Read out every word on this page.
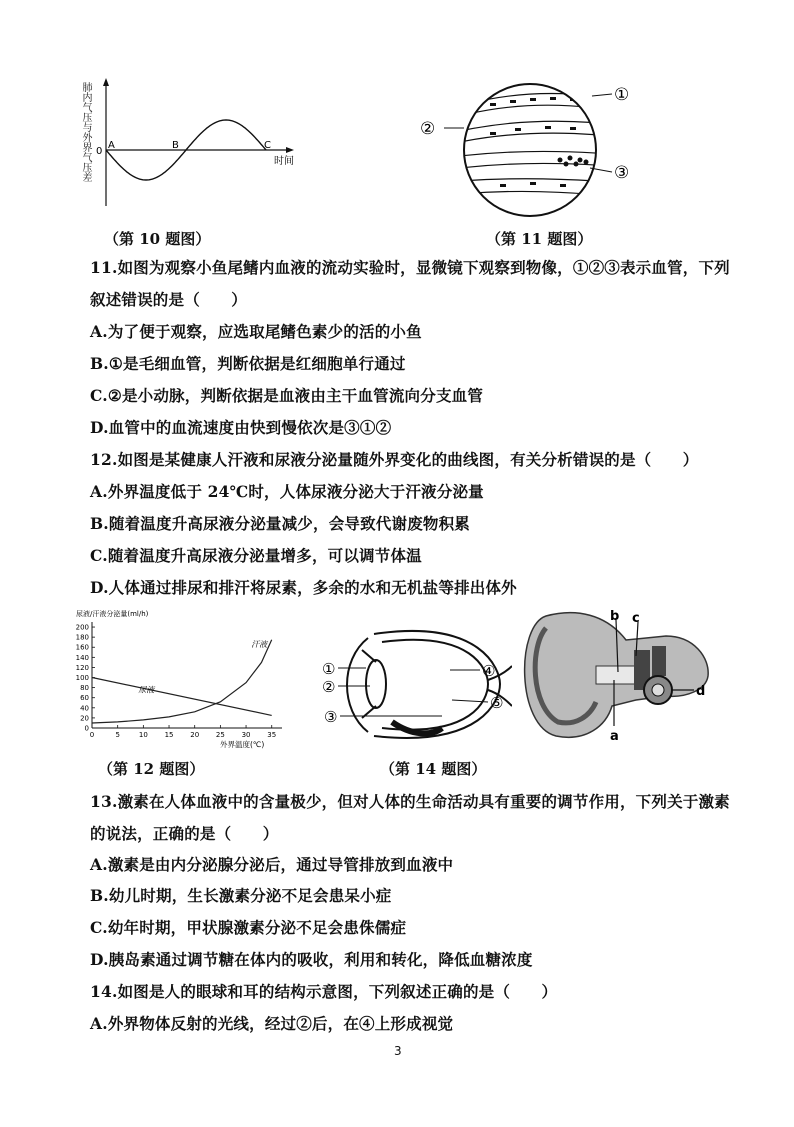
肺内气压与外界气压差 0
A	B	C
时间
（第 10 题图）
①
②
③
（第 11 题图）
11.如图为观察小鱼尾鳍内血液的流动实验时，显微镜下观察到物像，①②③表示血管，下列
叙述错误的是（　　）
A.为了便于观察，应选取尾鳍色素少的活的小鱼
B.①是毛细血管，判断依据是红细胞单行通过
C.②是小动脉，判断依据是血液由主干血管流向分支血管
D.血管中的血流速度由快到慢依次是③①②
12.如图是某健康人汗液和尿液分泌量随外界变化的曲线图，有关分析错误的是（　　）
A.外界温度低于 24℃时，人体尿液分泌大于汗液分泌量
B.随着温度升高尿液分泌量减少，会导致代谢废物积累
C.随着温度升高尿液分泌量增多，可以调节体温
D.人体通过排尿和排汗将尿素，多余的水和无机盐等排出体外
0
20
40
60
80
100
120
140
160
180
200
0	5	10 15 20 25 30 35
尿液/汗液分泌量(ml/h)
外界温度(℃)
汗液
尿液
（第 12 题图）
①
②
③
④
⑤
b c
d
a
（第 14 题图）
13.激素在人体血液中的含量极少，但对人体的生命活动具有重要的调节作用，下列关于激素
的说法，正确的是（　　）
A.激素是由内分泌腺分泌后，通过导管排放到血液中
B.幼儿时期，生长激素分泌不足会患呆小症
C.幼年时期，甲状腺激素分泌不足会患侏儒症
D.胰岛素通过调节糖在体内的吸收，利用和转化，降低血糖浓度
14.如图是人的眼球和耳的结构示意图，下列叙述正确的是（　　）
A.外界物体反射的光线，经过②后，在④上形成视觉
3
